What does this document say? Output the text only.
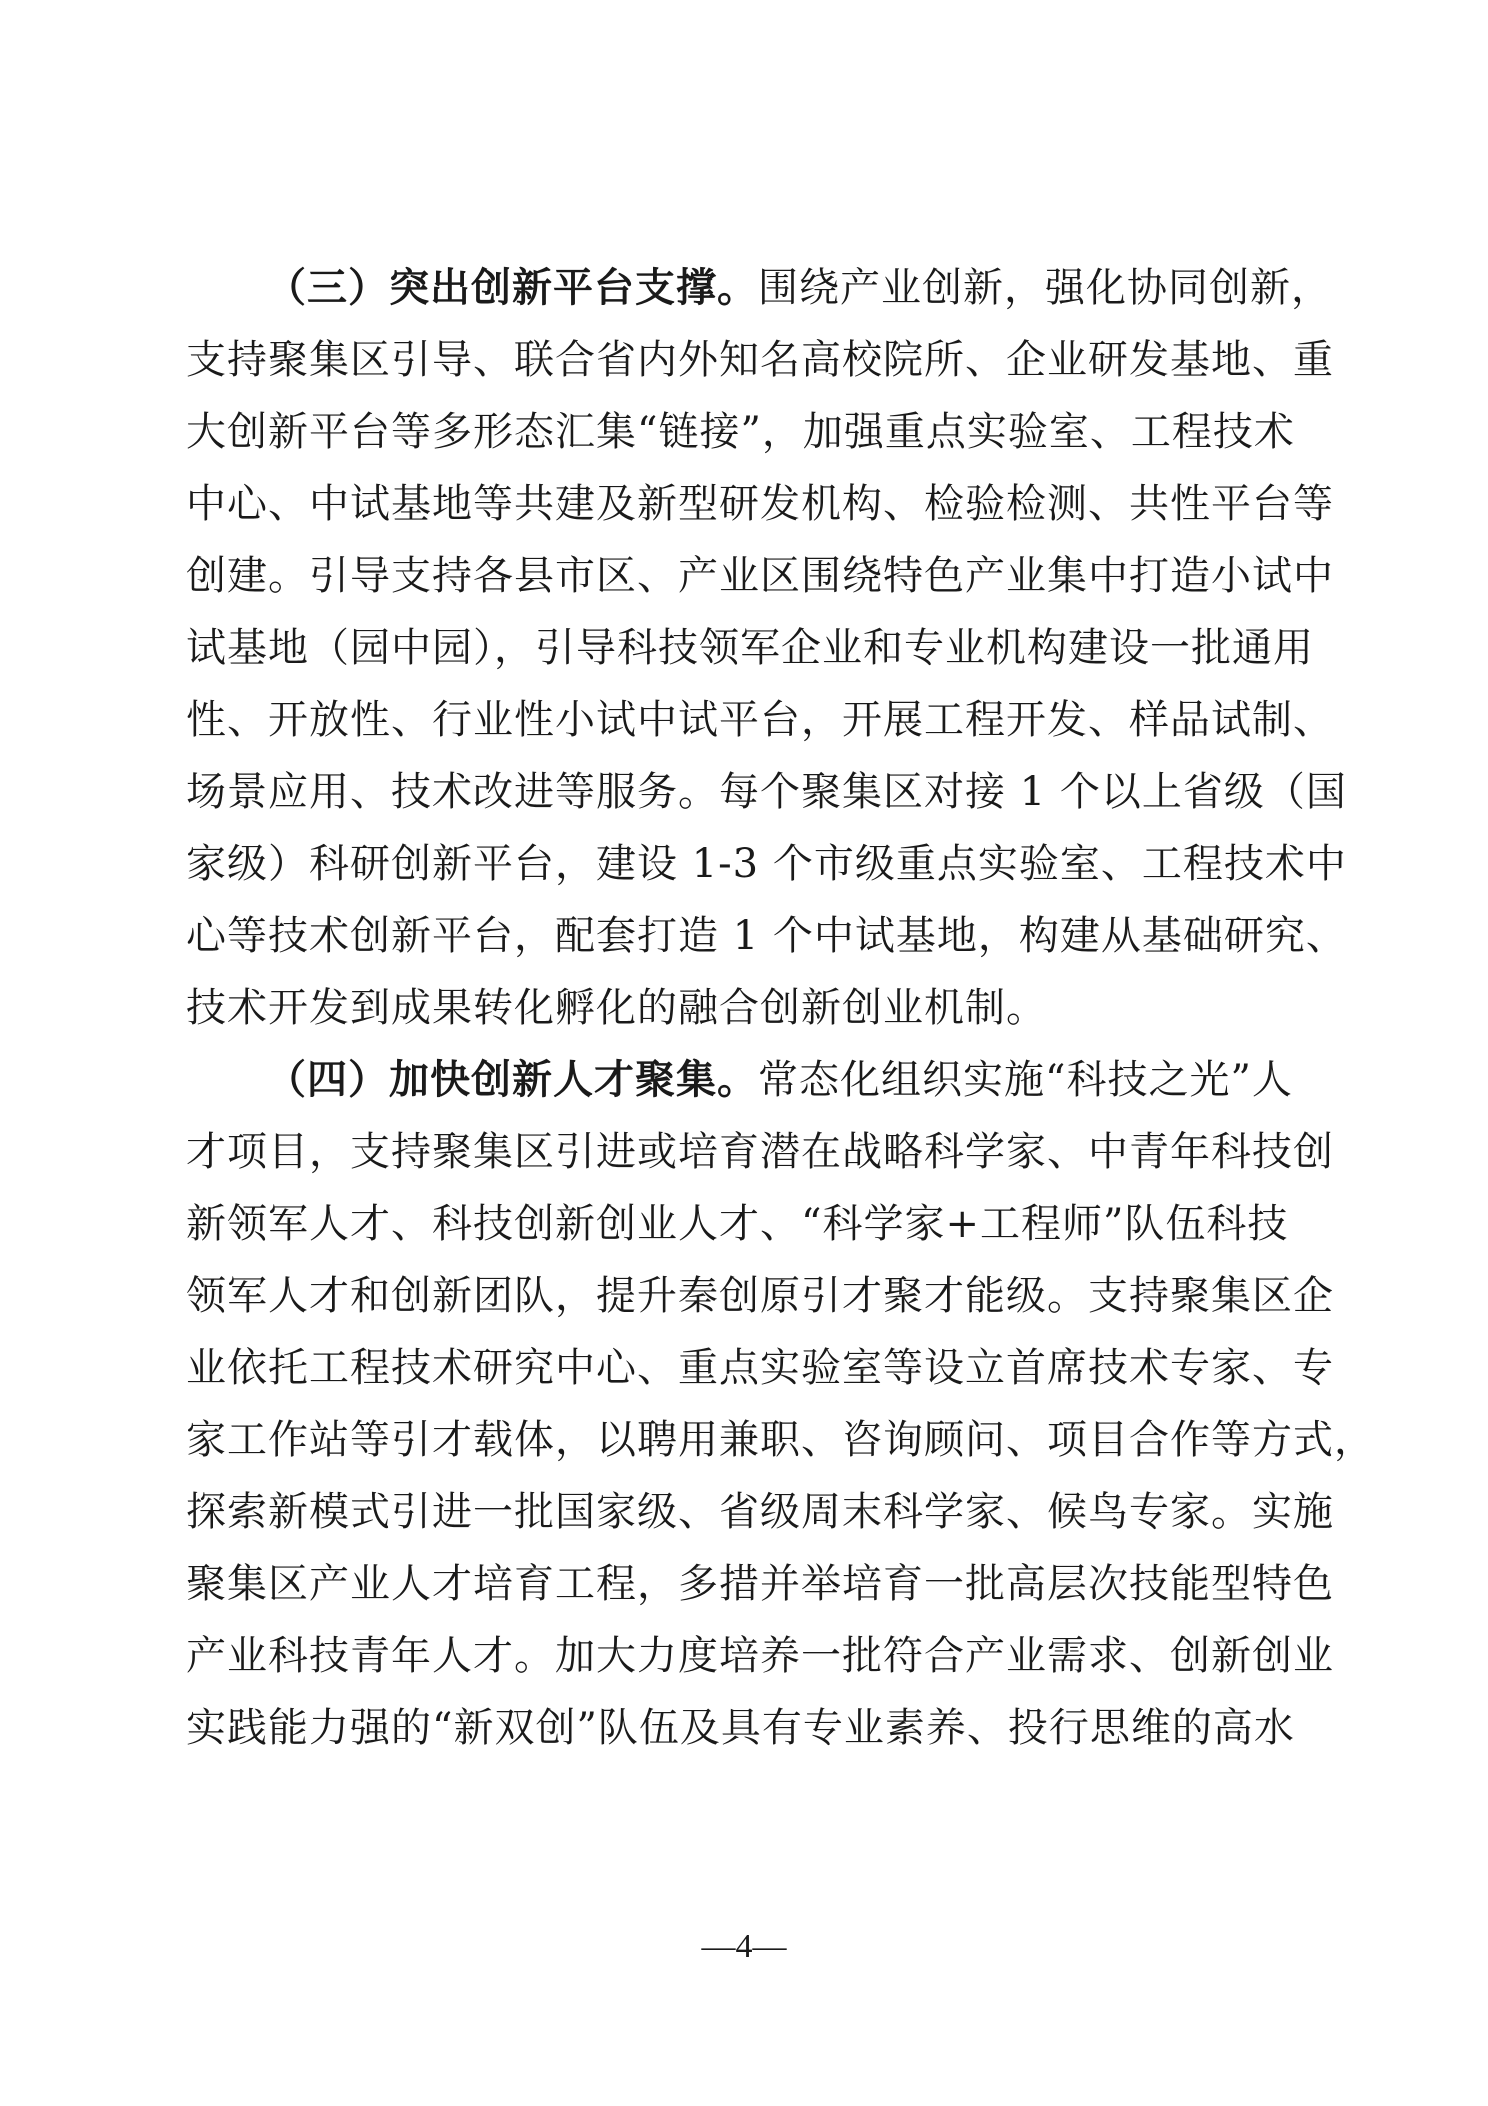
（三）突出创新平台支撑。围绕产业创新，强化协同创新，
支持聚集区引导、联合省内外知名高校院所、企业研发基地、重
大创新平台等多形态汇集“链接”，加强重点实验室、工程技术
中心、中试基地等共建及新型研发机构、检验检测、共性平台等
创建。引导支持各县市区、产业区围绕特色产业集中打造小试中
试基地（园中园），引导科技领军企业和专业机构建设一批通用
性、开放性、行业性小试中试平台，开展工程开发、样品试制、
场景应用、技术改进等服务。每个聚集区对接 1 个以上省级（国
家级）科研创新平台，建设 1-3 个市级重点实验室、工程技术中
心等技术创新平台，配套打造 1 个中试基地，构建从基础研究、
技术开发到成果转化孵化的融合创新创业机制。
（四）加快创新人才聚集。常态化组织实施“科技之光”人
才项目，支持聚集区引进或培育潜在战略科学家、中青年科技创
新领军人才、科技创新创业人才、“科学家+工程师”队伍科技
领军人才和创新团队，提升秦创原引才聚才能级。支持聚集区企
业依托工程技术研究中心、重点实验室等设立首席技术专家、专
家工作站等引才载体，以聘用兼职、咨询顾问、项目合作等方式，
探索新模式引进一批国家级、省级周末科学家、候鸟专家。实施
聚集区产业人才培育工程，多措并举培育一批高层次技能型特色
产业科技青年人才。加大力度培养一批符合产业需求、创新创业
实践能力强的“新双创”队伍及具有专业素养、投行思维的高水
—4—
